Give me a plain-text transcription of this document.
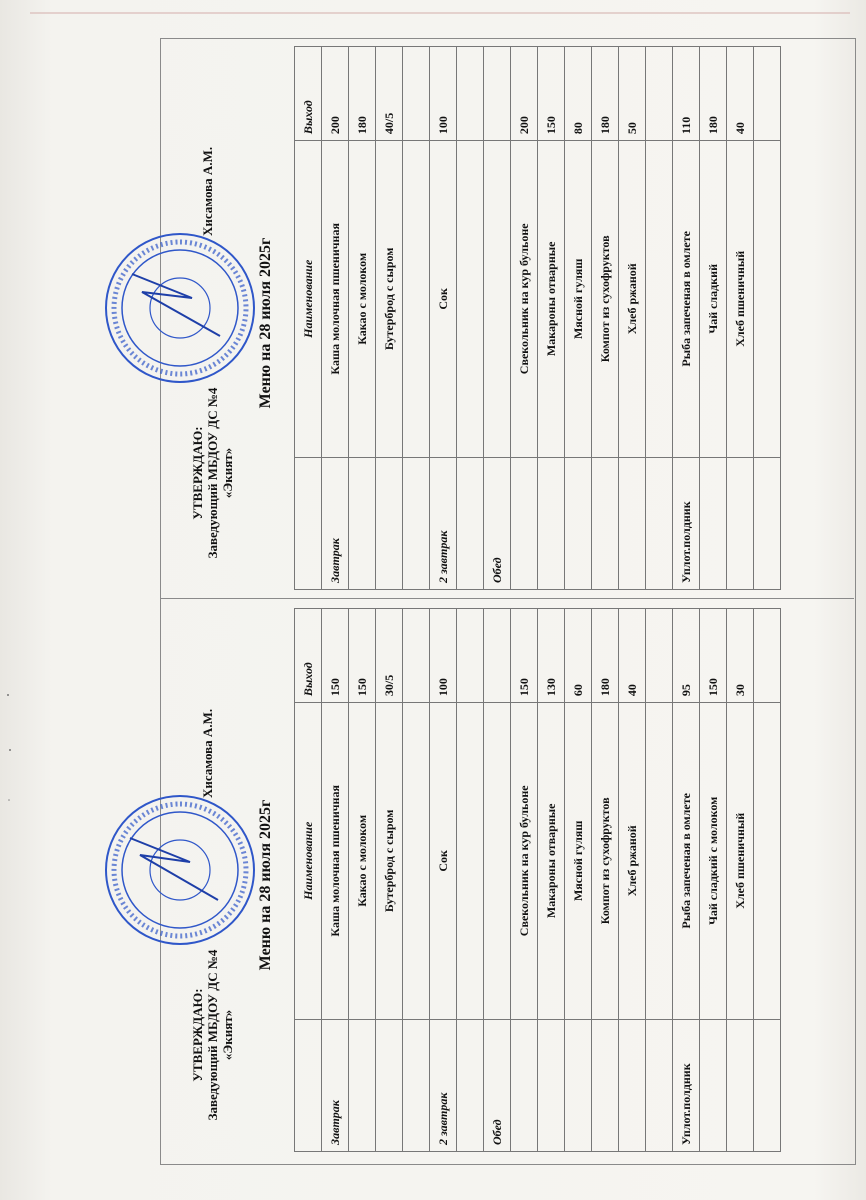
УТВЕРЖДАЮ: Заведующий МБДОУ ДС №4 «Экият»
Хисамова А.М.
Меню на 28 июля 2025г
	Наименование	Выход
Завтрак	Каша молочная пшеничная	150
	Какао с молоком	150
	Бутерброд с сыром	30/5

2 завтрак	Сок	100

Обед		
	Свекольник на кур бульоне	150
	Макароны отварные	130
	Мясной гуляш	60
	Компот из сухофруктов	180
	Хлеб ржаной	40

Уплот.полдник	Рыба запеченая в омлете	95
	Чай сладкий с молоком	150
	Хлеб пшеничный	30

УТВЕРЖДАЮ: Заведующий МБДОУ ДС №4 «Экият»
Хисамова А.М.
Меню на 28 июля 2025г
	Наименование	Выход
Завтрак	Каша молочная пшеничная	200
	Какао с молоком	180
	Бутерброд с сыром	40/5

2 завтрак	Сок	100

Обед		
	Свекольник на кур бульоне	200
	Макароны отварные	150
	Мясной гуляш	80
	Компот из сухофруктов	180
	Хлеб ржаной	50

Уплот.полдник	Рыба запеченая в омлете	110
	Чай сладкий	180
	Хлеб пшеничный	40
